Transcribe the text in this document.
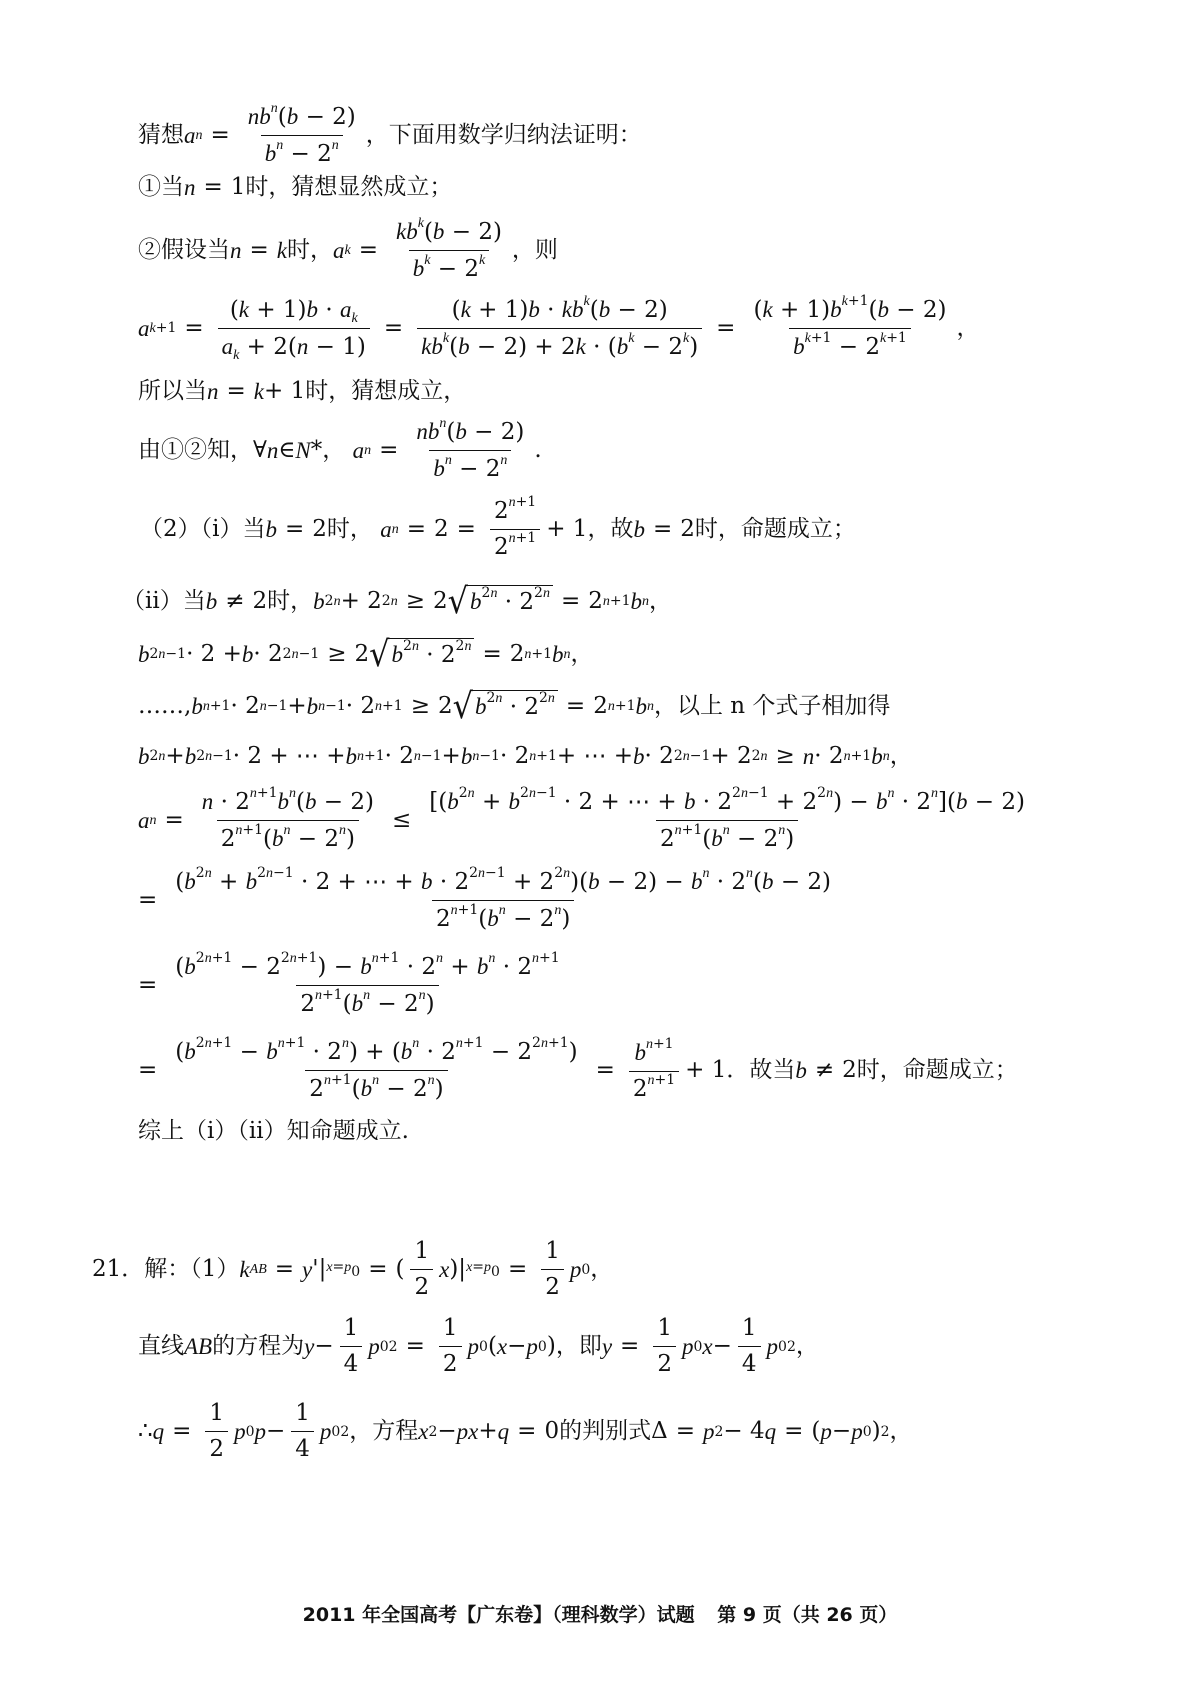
猜想 a $n = \frac{nb^n(b - 2)}{b^n - 2^n}$ ，下面用数学归纳法证明：
①当 n = 1 时，猜想显然成立；
②假设当 n = k 时， a $k = \frac{kb^k(b - 2)}{b^k - 2^k}$ ，则
a $k+1 = \frac{(k + 1)b \cdot a_k}{a_k + 2(n - 1)} = \frac{(k + 1)b \cdot kb^k(b - 2)}{kb^k(b - 2) + 2k \cdot (b^k - 2^k)} = \frac{(k + 1)b^{k+1}(b - 2)}{b^{k+1} - 2^{k+1}}$ ，
所以当 n = k + 1 时，猜想成立，
由①②知， ∀ n ∈ N *， a $n = \frac{nb^n(b - 2)}{b^n - 2^n}$ .
（2）（ⅰ）当 b = 2 时，
a $n = 2 = \frac{2^{n+1}}{2^{n+1}} + 1$ ，故 b = 2 时，命题成立；
（ⅱ）当 b ≠ 2 时， b 2n + 2 2n ≥ 2 √ $b^{2n} \cdot 2^{2n} = 2$ n+1 b n ，
b 2n−1 · 2 + b · 2 2n−1 ≥ 2 √ $b^{2n} \cdot 2^{2n} = 2$ n+1 b n ，
……, b n+1 · 2 n−1 + b n−1 · 2 n+1 ≥ 2 √ $b^{2n} \cdot 2^{2n} = 2$ n+1 b n ，以上 n 个式子相加得
b 2n + b 2n−1 · 2 + ⋯ + b n+1 · 2 n−1 + b n−1 · 2 n+1 + ⋯ + b · 2 2n−1 + 2 2n ≥ n · 2 n+1 b n ，
a $n = \frac{n \cdot 2^{n+1}b^n(b - 2)}{2^{n+1}(b^n - 2^n)} \le \frac{[(b^{2n} + b^{2n-1} \cdot 2 + \cdots + b \cdot 2^{2n-1} + 2^{2n}) - b^n \cdot 2^n](b - 2)}{2^{n+1}(b^n - 2^n)}$
=
($b^{2n} + b^{2n-1} \cdot 2$ + ⋯ + $b \cdot 2^{2n-1} + 2^{2n})(b - 2) - b^n \cdot 2^n(b - 2)$
$2^{n+1}(b^n - 2^n)$
= $\frac{(b^{2n+1} - 2^{2n+1}) - b^{n+1} \cdot 2^n + b^n \cdot 2^{n+1}}{2^{n+1}(b^n - 2^n)}$
= $\frac{(b^{2n+1} - b^{n+1} \cdot 2^n) + (b^n \cdot 2^{n+1} - 2^{2n+1})}{2^{n+1}(b^n - 2^n)} = \frac{b^{n+1}}{2^{n+1}} + 1$ ．故当 b ≠ 2 时，命题成立；
综上（ⅰ）（ⅱ）知命题成立.
21． 解：（1） k AB = y '| $x=p_0$ = ( $\frac{1}{2}$ x )| $x=p_0 = \frac{1}{2}$ p 0 ，
直线 AB 的方程为 $y - \frac{1}{4}$ p 0 $2 = \frac{1}{2}$ p 0 ( x − p 0 ) ，即 $y = \frac{1}{2}$ p 0 $x - \frac{1}{4}$ p 0 2 ，
∴ $q = \frac{1}{2}$ p 0 $p - \frac{1}{4}$ p 0 2 ，方程 x 2 − px + q = 0 的判别式 Δ = p 2 − 4 q = ( p − p 0 ) 2 ，
2011 年全国高考【广东卷】（理科数学）试题 第 9 页（共 26 页）
